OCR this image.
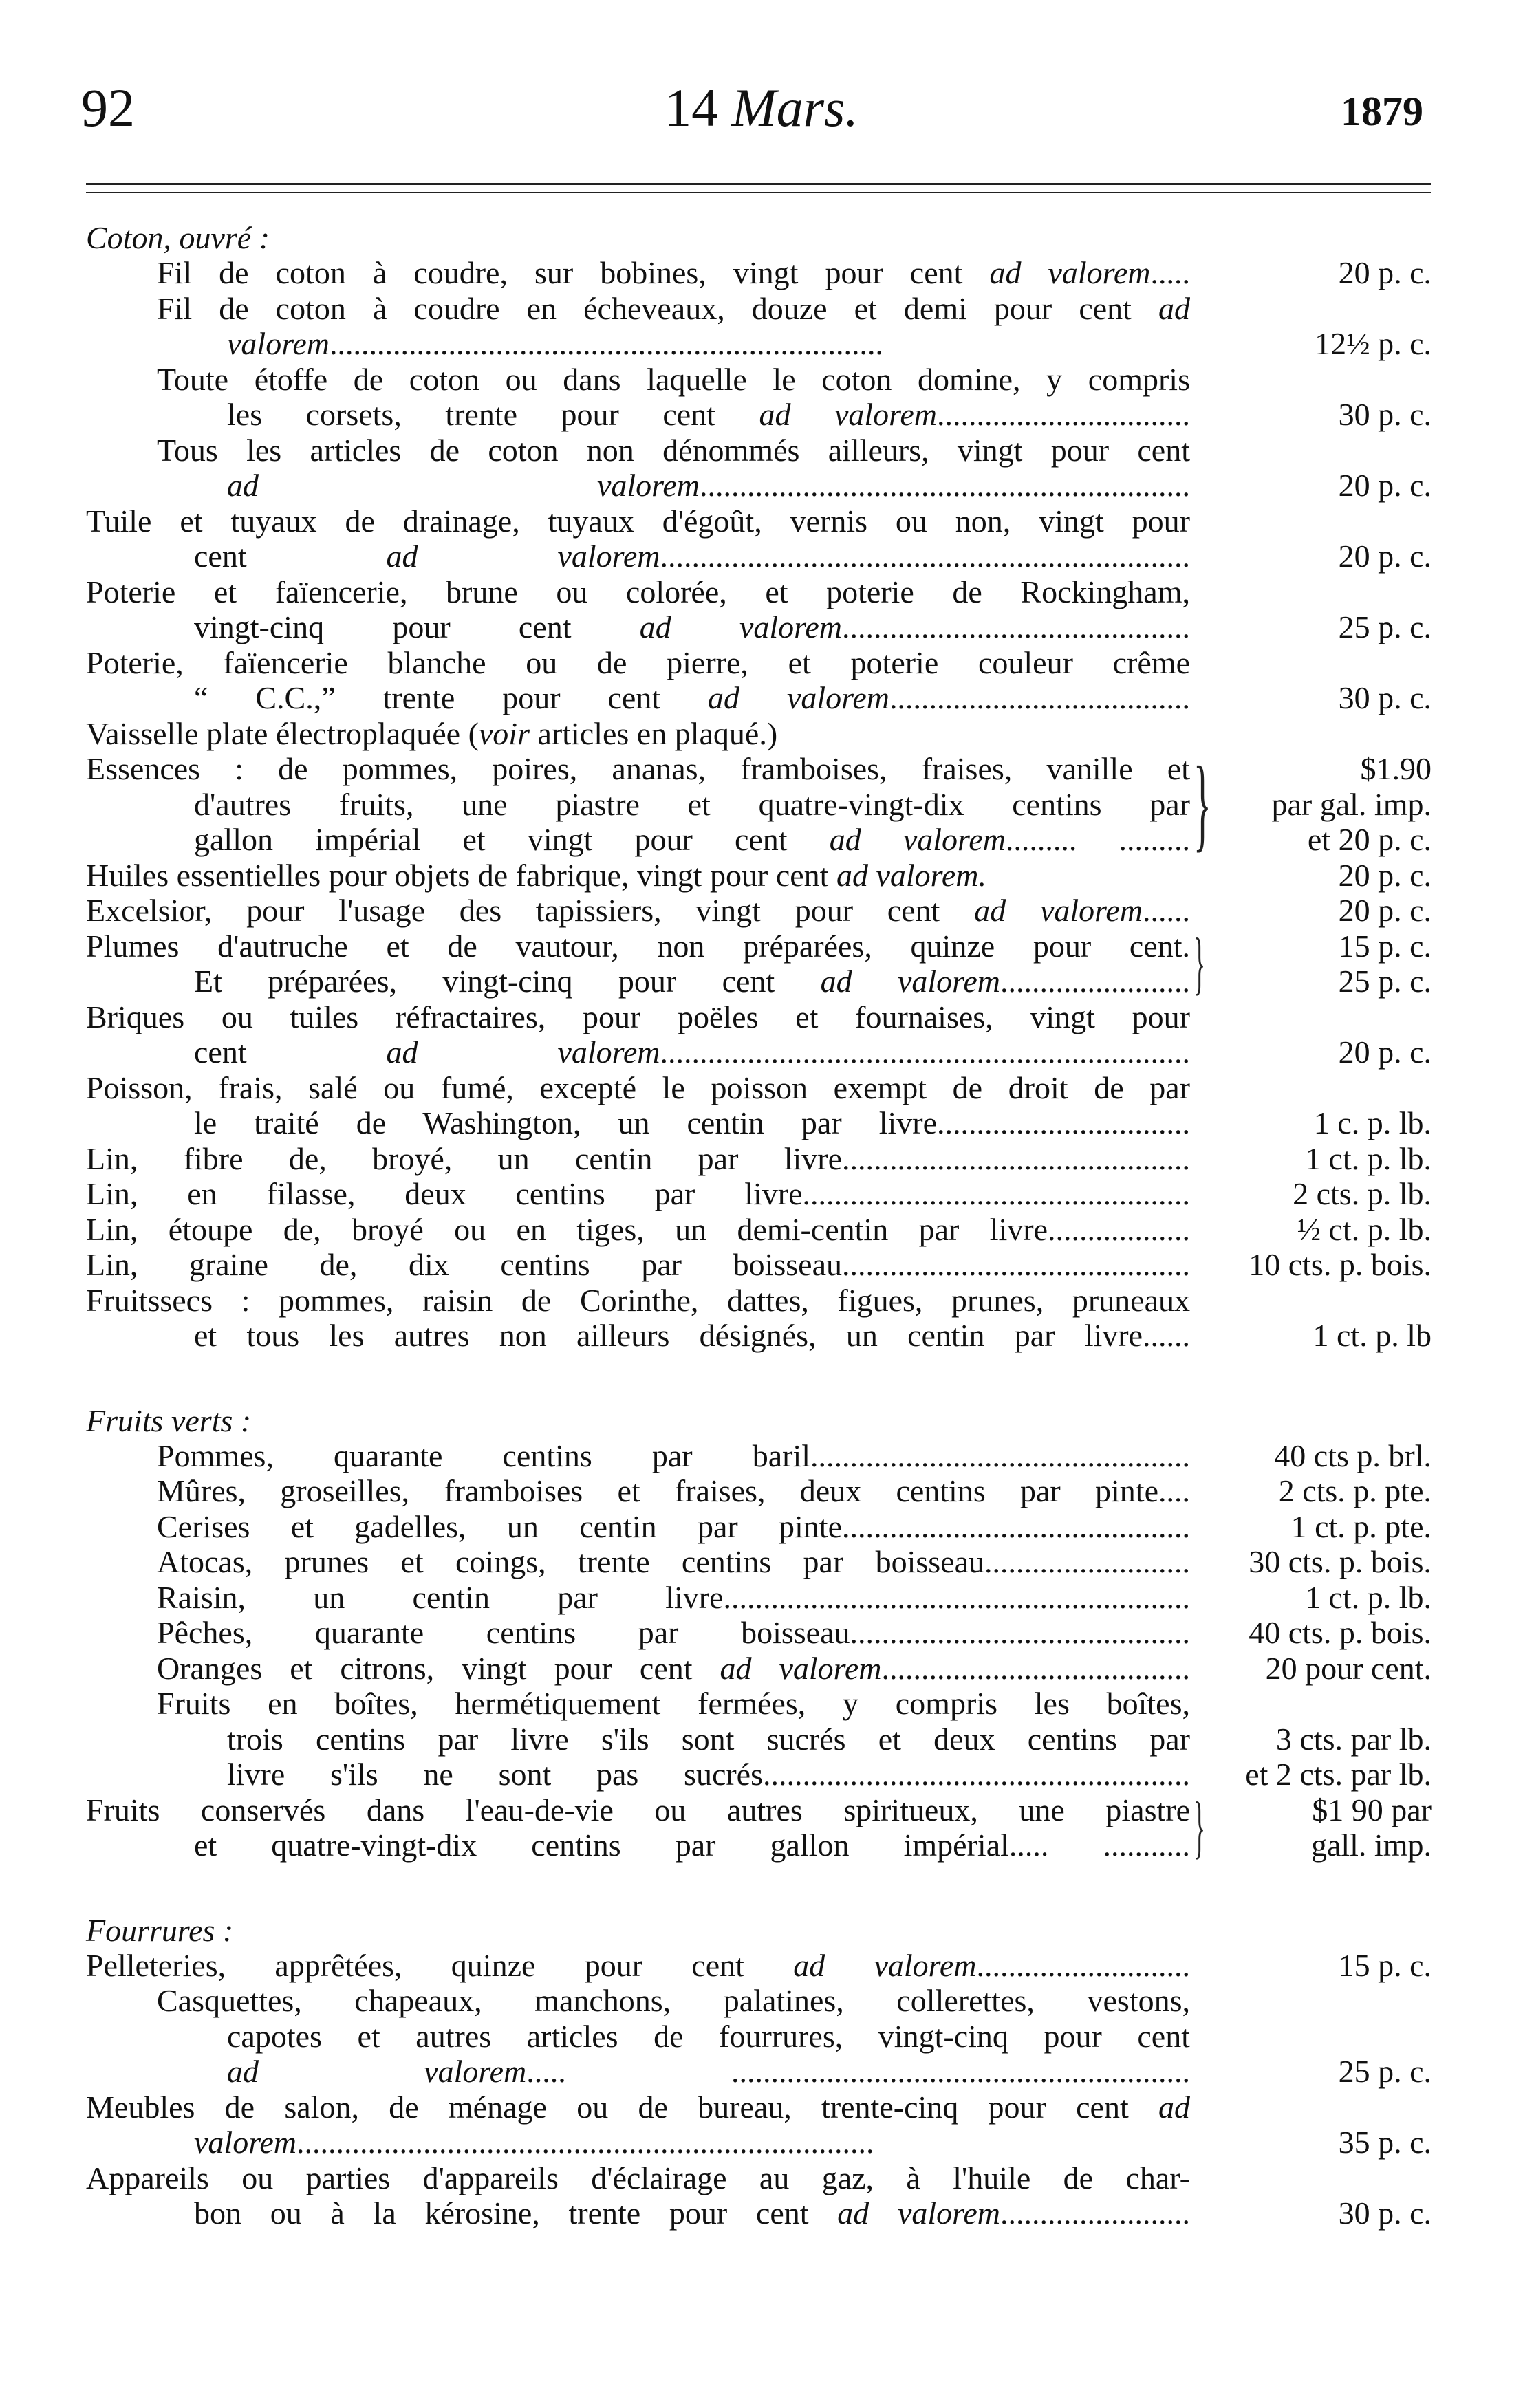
92	14 Mars.	1879
Coton, ouvré :
Fil de coton à coudre, sur bobines, vingt pour cent ad valorem.....	20 p. c.
Fil de coton à coudre en écheveaux, douze et demi pour cent ad
valorem......................................................................	12½ p. c.
Toute étoffe de coton ou dans laquelle le coton domine, y compris
les corsets, trente pour cent ad valorem................................	30 p. c.
Tous les articles de coton non dénommés ailleurs, vingt pour cent
ad valorem..............................................................	20 p. c.
Tuile et tuyaux de drainage, tuyaux d'égoût, vernis ou non, vingt pour
cent ad valorem...................................................................	20 p. c.
Poterie et faïencerie, brune ou colorée, et poterie de Rockingham,
vingt-cinq pour cent ad valorem............................................	25 p. c.
Poterie, faïencerie blanche ou de pierre, et poterie couleur crême
“ C.C.,” trente pour cent ad valorem......................................	30 p. c.
Vaisselle plate électroplaquée (voir articles en plaqué.)
Essences : de pommes, poires, ananas, framboises, fraises, vanille et	$1.90
d'autres fruits, une piastre et quatre-vingt-dix centins par	par gal. imp.
gallon impérial et vingt pour cent ad valorem......... .........	et 20 p. c.
}
Huiles essentielles pour objets de fabrique, vingt pour cent ad valorem.	20 p. c.
Excelsior, pour l'usage des tapissiers, vingt pour cent ad valorem......	20 p. c.
Plumes d'autruche et de vautour, non préparées, quinze pour cent.	15 p. c.
Et préparées, vingt-cinq pour cent ad valorem........................	25 p. c.
}
Briques ou tuiles réfractaires, pour poëles et fournaises, vingt pour
cent ad valorem...................................................................	20 p. c.
Poisson, frais, salé ou fumé, excepté le poisson exempt de droit de par
le traité de Washington, un centin par livre................................	1 c. p. lb.
Lin, fibre de, broyé, un centin par livre............................................	1 ct. p. lb.
Lin, en filasse, deux centins par livre.................................................	2 cts. p. lb.
Lin, étoupe de, broyé ou en tiges, un demi-centin par livre..................	½ ct. p. lb.
Lin, graine de, dix centins par boisseau............................................ 10 cts. p. bois.
Fruitssecs : pommes, raisin de Corinthe, dattes, figues, prunes, pruneaux
et tous les autres non ailleurs désignés, un centin par livre......	1 ct. p. lb
Fruits verts :
Pommes, quarante centins par baril................................................	40 cts p. brl.
Mûres, groseilles, framboises et fraises, deux centins par pinte....	2 cts. p. pte.
Cerises et gadelles, un centin par pinte............................................	1 ct. p. pte.
Atocas, prunes et coings, trente centins par boisseau.......................... 30 cts. p. bois.
Raisin, un centin par livre...........................................................	1 ct. p. lb.
Pêches, quarante centins par boisseau........................................... 40 cts. p. bois.
Oranges et citrons, vingt pour cent ad valorem....................................... 20 pour cent.
Fruits en boîtes, hermétiquement fermées, y compris les boîtes,
trois centins par livre s'ils sont sucrés et deux centins par	3 cts. par lb.
livre s'ils ne sont pas sucrés...................................................... et 2 cts. par lb.
Fruits conservés dans l'eau-de-vie ou autres spiritueux, une piastre	$1 90 par
et quatre-vingt-dix centins par gallon impérial..... ...........	gall. imp.
}
Fourrures :
Pelleteries, apprêtées, quinze pour cent ad valorem...........................	15 p. c.
Casquettes, chapeaux, manchons, palatines, collerettes, vestons,
capotes et autres articles de fourrures, vingt-cinq pour cent
ad valorem..... ..........................................................	25 p. c.
Meubles de salon, de ménage ou de bureau, trente-cinq pour cent ad
valorem.........................................................................	35 p. c.
Appareils ou parties d'appareils d'éclairage au gaz, à l'huile de char-
bon ou à la kérosine, trente pour cent ad valorem........................	30 p. c.
